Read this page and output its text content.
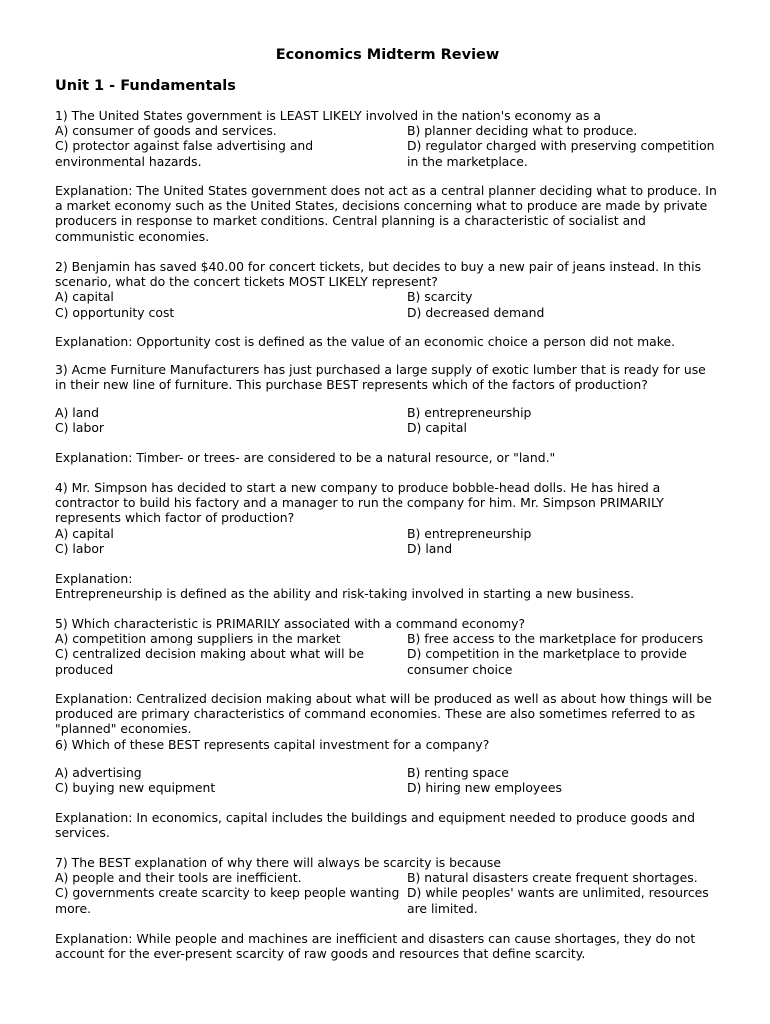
Economics Midterm Review
Unit 1 - Fundamentals
1) The United States government is LEAST LIKELY involved in the nation's economy as a
A) consumer of goods and services.	B) planner deciding what to produce.
C) protector against false advertising and environmental hazards.
D) regulator charged with preserving competition in the marketplace.
Explanation: The United States government does not act as a central planner deciding what to produce. In a market economy such as the United States, decisions concerning what to produce are made by private producers in response to market conditions. Central planning is a characteristic of socialist and communistic economies.
2) Benjamin has saved $40.00 for concert tickets, but decides to buy a new pair of jeans instead. In this scenario, what do the concert tickets MOST LIKELY represent?
A) capital	B) scarcity
C) opportunity cost	D) decreased demand
Explanation: Opportunity cost is defined as the value of an economic choice a person did not make.
3) Acme Furniture Manufacturers has just purchased a large supply of exotic lumber that is ready for use in their new line of furniture. This purchase BEST represents which of the factors of production?
A) land	B) entrepreneurship
C) labor	D) capital
Explanation: Timber- or trees- are considered to be a natural resource, or "land."
4) Mr. Simpson has decided to start a new company to produce bobble-head dolls. He has hired a contractor to build his factory and a manager to run the company for him. Mr. Simpson PRIMARILY represents which factor of production?
A) capital	B) entrepreneurship
C) labor	D) land
Explanation:
Entrepreneurship is defined as the ability and risk-taking involved in starting a new business.
5) Which characteristic is PRIMARILY associated with a command economy?
A) competition among suppliers in the market	B) free access to the marketplace for producers
C) centralized decision making about what will be produced
D) competition in the marketplace to provide consumer choice
Explanation: Centralized decision making about what will be produced as well as about how things will be produced are primary characteristics of command economies. These are also sometimes referred to as "planned" economies.
6) Which of these BEST represents capital investment for a company?
A) advertising	B) renting space
C) buying new equipment	D) hiring new employees
Explanation: In economics, capital includes the buildings and equipment needed to produce goods and services.
7) The BEST explanation of why there will always be scarcity is because
A) people and their tools are inefficient.	B) natural disasters create frequent shortages.
C) governments create scarcity to keep people wanting more.
D) while peoples' wants are unlimited, resources are limited.
Explanation: While people and machines are inefficient and disasters can cause shortages, they do not account for the ever-present scarcity of raw goods and resources that define scarcity.
